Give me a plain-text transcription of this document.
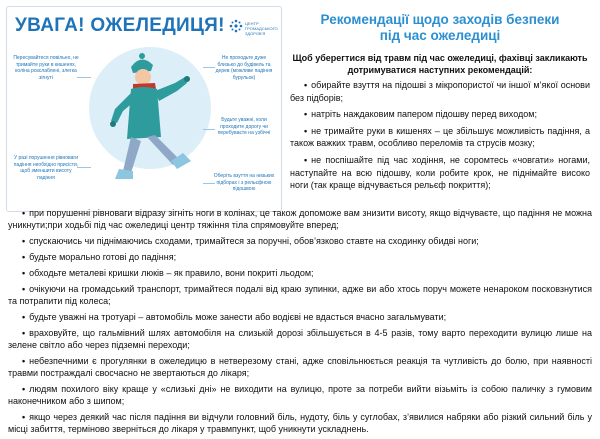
УВАГА! ОЖЕЛЕДИЦЯ!	ЦЕНТР ГРОМАДСЬКОГО ЗДОРОВ'Я
Пересувайтеся повільно, не тримайте руки в кишенях, коліна розслаблені, злегка зігнуті
Не проходьте дуже близько до будівель та дерев (можливе падіння бурульок)
Будьте уважні, коли проходите дорогу чи перебуваєте на узбіччі
У разі порушення рівноваги падіння необхідно присісти, щоб зменшити висоту падіння	Оберіть взуття на низьких підборах і з рельєфною підошвою
Рекомендації щодо заходів безпеки
під час ожеледиці
Щоб уберегтися від травм під час ожеледиці, фахівці закликають дотримуватися наступних рекомендацій:
• обирайте взуття на підошві з мікропористої чи іншої м’якої основи без підборів;
• натріть наждаковим папером підошву перед виходом;
• не тримайте руки в кишенях – це збільшує можливість падіння, а також важких травм, особливо переломів та струсів мозку;
• не поспішайте під час ходіння, не соромтесь «човгати» ногами, наступайте на всю підошву, коли робите крок, не піднімайте високо ноги (так краще відчувається рельєф покриття);
• при порушенні рівноваги відразу зігніть ноги в колінах, це також допоможе вам знизити висоту, якщо відчуваєте, що падіння не можна уникнути;при ходьбі під час ожеледиці центр тяжіння тіла спрямовуйте вперед;
• спускаючись чи піднімаючись сходами, тримайтеся за поручні, обов’язково ставте на сходинку обидві ноги;
• будьте морально готові до падіння;
• обходьте металеві кришки люків – як правило, вони покриті льодом;
• очікуючи на громадський транспорт, тримайтеся подалі від краю зупинки, адже ви або хтось поруч можете ненароком посковзнутися та потрапити під колеса;
• будьте уважні на тротуарі – автомобіль може занести або водієві не вдасться вчасно загальмувати;
• враховуйте, що гальмівний шлях автомобіля на слизькій дорозі збільшується в 4-5 разів, тому варто переходити вулицю лише на зелене світло або через підземні переходи;
• небезпечними є прогулянки в ожеледицю в нетверезому стані, адже сповільнюється реакція та чутливість до болю, при наявності травми постраждалі свосчасно не звертаються до лікаря;
• людям похилого віку краще у «слизькі дні» не виходити на вулицю, проте за потреби вийти візьміть із собою паличку з гумовим наконечником або з шипом;
• якщо через деякий час після падіння ви відчули головний біль, нудоту, біль у суглобах, з’явилися набряки або різкий сильний біль у місці забиття, терміново зверніться до лікаря у травмпункт, щоб уникнути ускладнень.
